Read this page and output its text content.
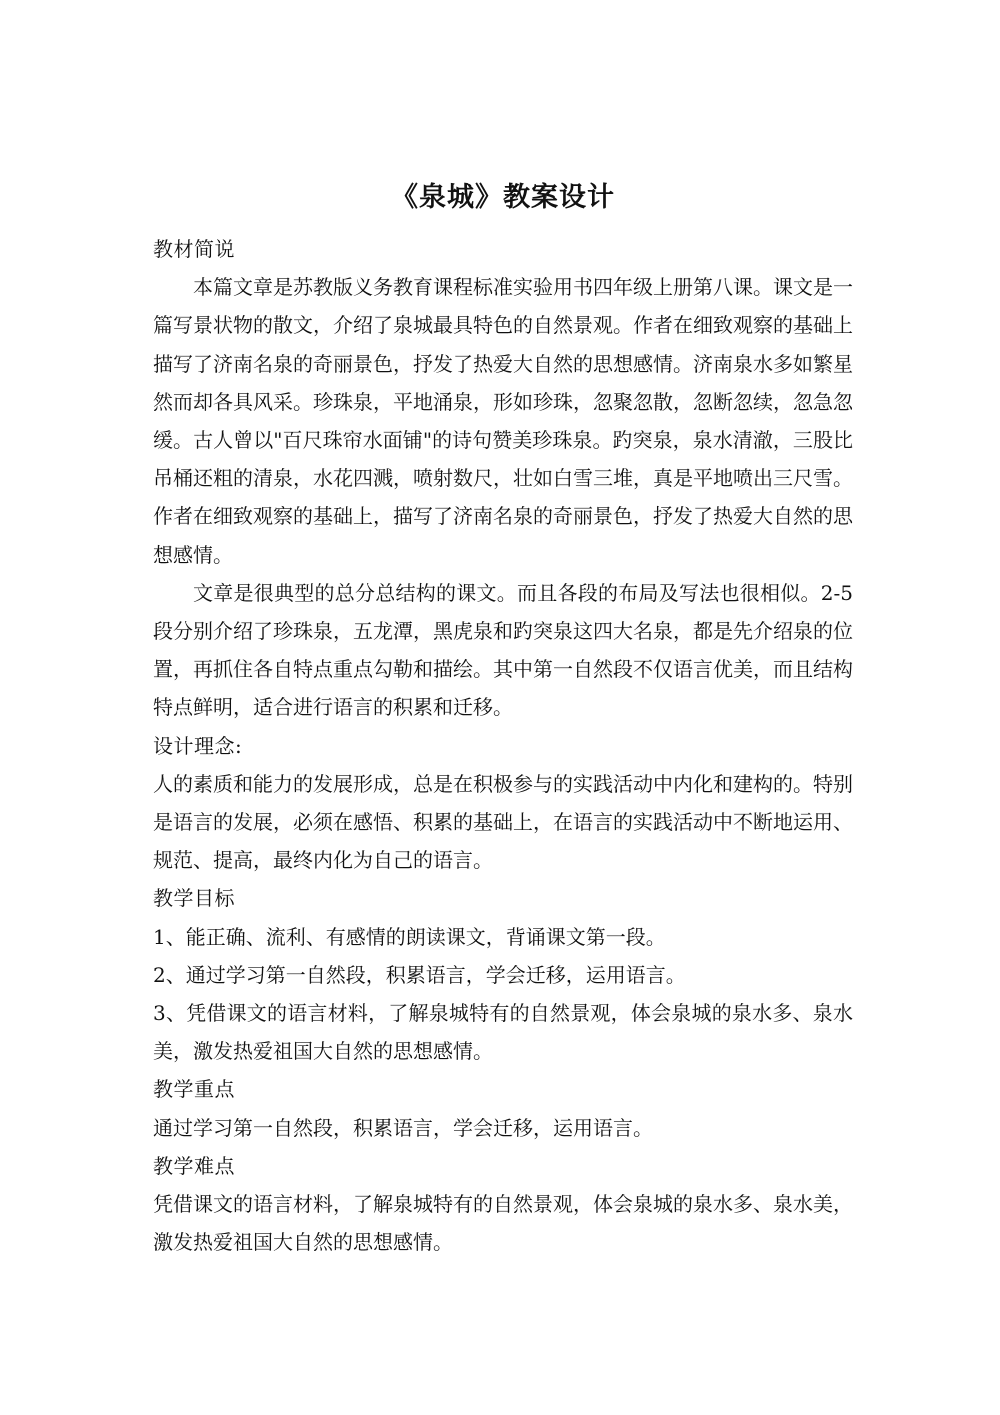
《泉城》教案设计
教材简说

本篇文章是苏教版义务教育课程标准实验用书四年级上册第八课。课文是一篇写景状物的散文，介绍了泉城最具特色的自然景观。作者在细致观察的基础上描写了济南名泉的奇丽景色，抒发了热爱大自然的思想感情。济南泉水多如繁星然而却各具风采。珍珠泉，平地涌泉，形如珍珠，忽聚忽散，忽断忽续，忽急忽缓。古人曾以"百尺珠帘水面铺"的诗句赞美珍珠泉。趵突泉，泉水清澈，三股比吊桶还粗的清泉，水花四溅，喷射数尺，壮如白雪三堆，真是平地喷出三尺雪。作者在细致观察的基础上，描写了济南名泉的奇丽景色，抒发了热爱大自然的思想感情。

文章是很典型的总分总结构的课文。而且各段的布局及写法也很相似。2-5段分别介绍了珍珠泉，五龙潭，黑虎泉和趵突泉这四大名泉，都是先介绍泉的位置，再抓住各自特点重点勾勒和描绘。其中第一自然段不仅语言优美，而且结构特点鲜明，适合进行语言的积累和迁移。

设计理念:

人的素质和能力的发展形成，总是在积极参与的实践活动中内化和建构的。特别是语言的发展，必须在感悟、积累的基础上，在语言的实践活动中不断地运用、规范、提高，最终内化为自己的语言。

教学目标

1、能正确、流利、有感情的朗读课文，背诵课文第一段。

2、通过学习第一自然段，积累语言，学会迁移，运用语言。

3、凭借课文的语言材料，了解泉城特有的自然景观，体会泉城的泉水多、泉水美，激发热爱祖国大自然的思想感情。

教学重点

通过学习第一自然段，积累语言，学会迁移，运用语言。

教学难点

凭借课文的语言材料，了解泉城特有的自然景观，体会泉城的泉水多、泉水美，激发热爱祖国大自然的思想感情。
